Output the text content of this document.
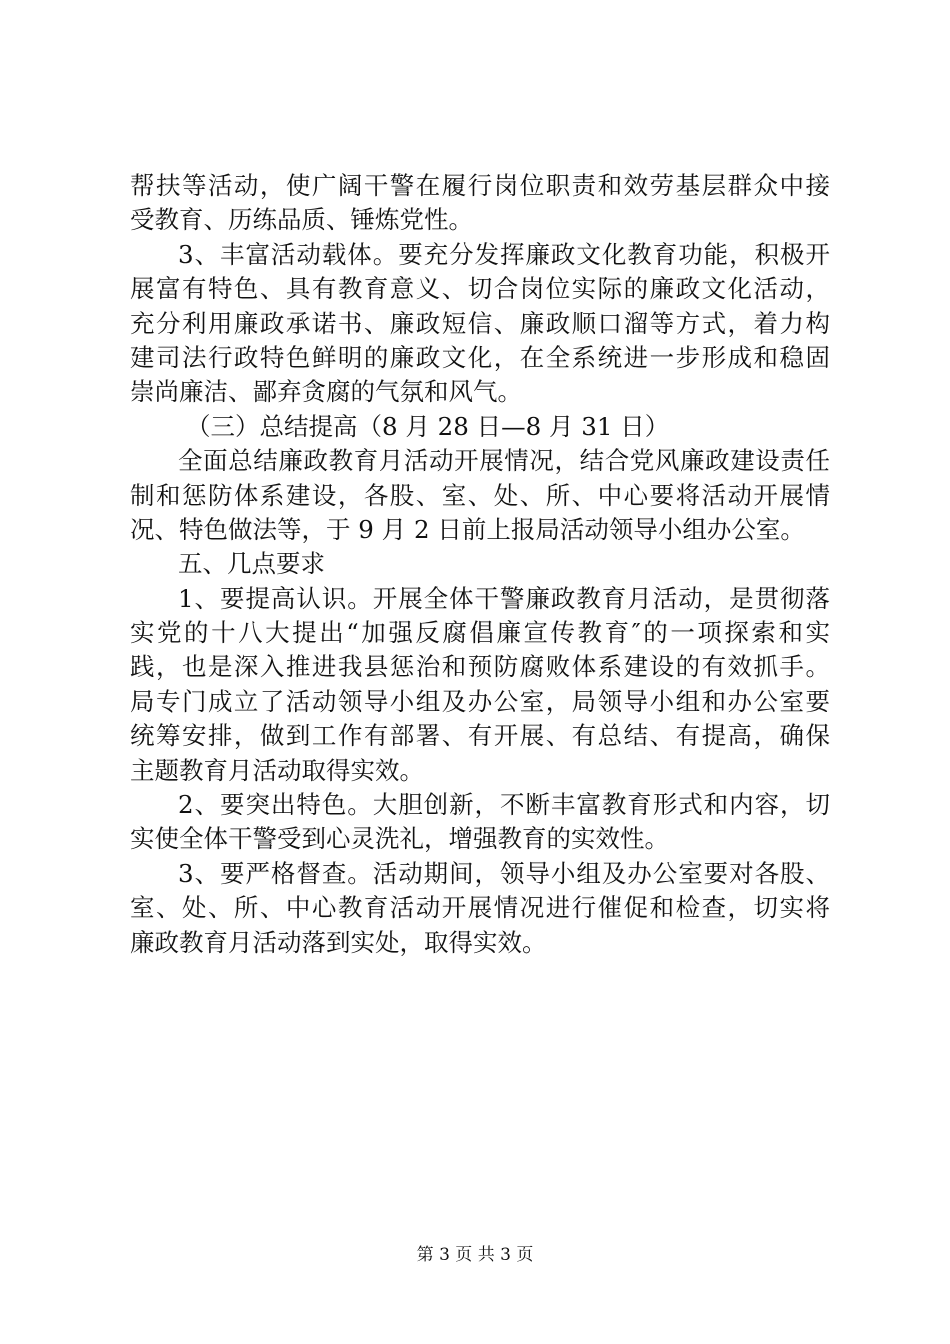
帮扶等活动，使广阔干警在履行岗位职责和效劳基层群众中接
受教育、历练品质、锤炼党性。
3、丰富活动载体。要充分发挥廉政文化教育功能，积极开
展富有特色、具有教育意义、切合岗位实际的廉政文化活动，
充分利用廉政承诺书、廉政短信、廉政顺口溜等方式，着力构
建司法行政特色鲜明的廉政文化，在全系统进一步形成和稳固
崇尚廉洁、鄙弃贪腐的气氛和风气。
（三）总结提高（8 月 28 日—8 月 31 日）
全面总结廉政教育月活动开展情况，结合党风廉政建设责任
制和惩防体系建设，各股、室、处、所、中心要将活动开展情
况、特色做法等，于 9 月 2 日前上报局活动领导小组办公室。
五、几点要求
1、要提高认识。开展全体干警廉政教育月活动，是贯彻落
实党的十八大提出“加强反腐倡廉宣传教育″的一项探索和实
践，也是深入推进我县惩治和预防腐败体系建设的有效抓手。
局专门成立了活动领导小组及办公室，局领导小组和办公室要
统筹安排，做到工作有部署、有开展、有总结、有提高，确保
主题教育月活动取得实效。
2、要突出特色。大胆创新，不断丰富教育形式和内容，切
实使全体干警受到心灵洗礼，增强教育的实效性。
3、要严格督查。活动期间，领导小组及办公室要对各股、
室、处、所、中心教育活动开展情况进行催促和检查，切实将
廉政教育月活动落到实处，取得实效。
第 3 页 共 3 页
